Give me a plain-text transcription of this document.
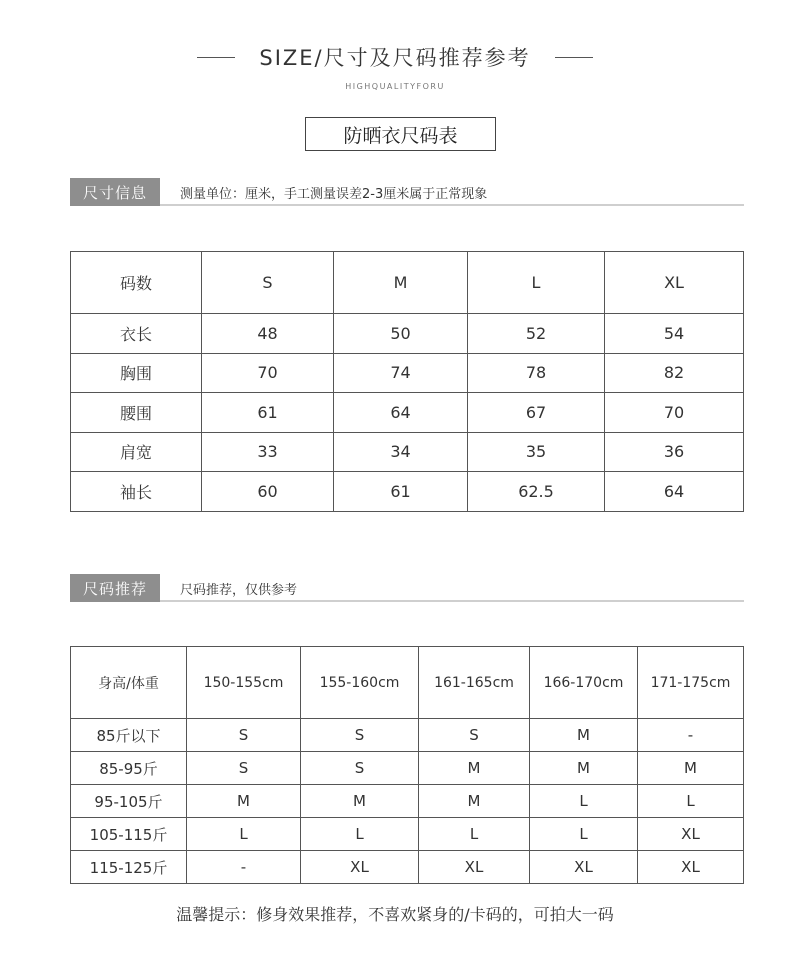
SIZE/尺寸及尺码推荐参考
HIGHQUALITYFORU
防晒衣尺码表
尺寸信息	测量单位：厘米，手工测量误差2-3厘米属于正常现象
码数	S	M	L	XL
衣长	48	50	52	54
胸围	70	74	78	82
腰围	61	64	67	70
肩宽	33	34	35	36
袖长	60	61	62.5	64
尺码推荐	尺码推荐，仅供参考
身高/体重	150-155cm	155-160cm	161-165cm	166-170cm	171-175cm
85斤以下	S	S	S	M	-
85-95斤	S	S	M	M	M
95-105斤	M	M	M	L	L
105-115斤	L	L	L	L	XL
115-125斤	-	XL	XL	XL	XL
温馨提示：修身效果推荐，不喜欢紧身的/卡码的，可拍大一码
